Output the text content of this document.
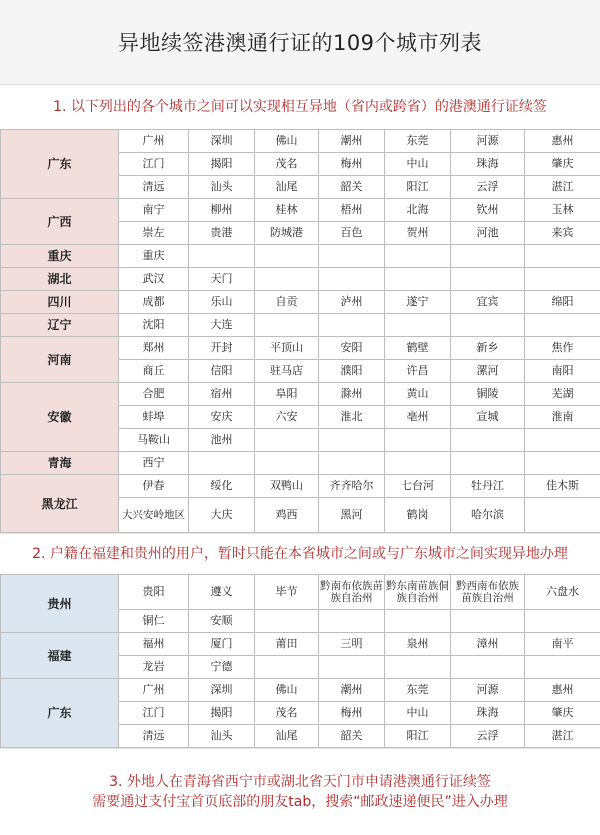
异地续签港澳通行证的109个城市列表
1. 以下列出的各个城市之间可以实现相互异地（省内或跨省）的港澳通行证续签
广东	广州	深圳	佛山	潮州	东莞	河源	惠州
	江门	揭阳	茂名	梅州	中山	珠海	肇庆
	清远	汕头	汕尾	韶关	阳江	云浮	湛江
广西	南宁	柳州	桂林	梧州	北海	钦州	玉林
	崇左	贵港	防城港	百色	贺州	河池	来宾
重庆	重庆						
湖北	武汉	天门					
四川	成都	乐山	自贡	泸州	遂宁	宜宾	绵阳
辽宁	沈阳	大连					
河南	郑州	开封	平顶山	安阳	鹤壁	新乡	焦作
	商丘	信阳	驻马店	濮阳	许昌	漯河	南阳
安徽	合肥	宿州	阜阳	滁州	黄山	铜陵	芜湖
	蚌埠	安庆	六安	淮北	亳州	宣城	淮南
	马鞍山	池州					
青海	西宁						
黑龙江	伊春	绥化	双鸭山	齐齐哈尔	七台河	牡丹江	佳木斯
	大兴安岭地区	大庆	鸡西	黑河	鹤岗	哈尔滨	
2. 户籍在福建和贵州的用户，暂时只能在本省城市之间或与广东城市之间实现异地办理
贵州	贵阳	遵义	毕节	黔南布依族苗族自治州	黔东南苗族侗族自治州	黔西南布依族苗族自治州	六盘水
	铜仁	安顺					
福建	福州	厦门	莆田	三明	泉州	漳州	南平
	龙岩	宁德					
广东	广州	深圳	佛山	潮州	东莞	河源	惠州
	江门	揭阳	茂名	梅州	中山	珠海	肇庆
	清远	汕头	汕尾	韶关	阳江	云浮	湛江
3. 外地人在青海省西宁市或湖北省天门市申请港澳通行证续签
需要通过支付宝首页底部的朋友tab，搜索“邮政速递便民”进入办理
